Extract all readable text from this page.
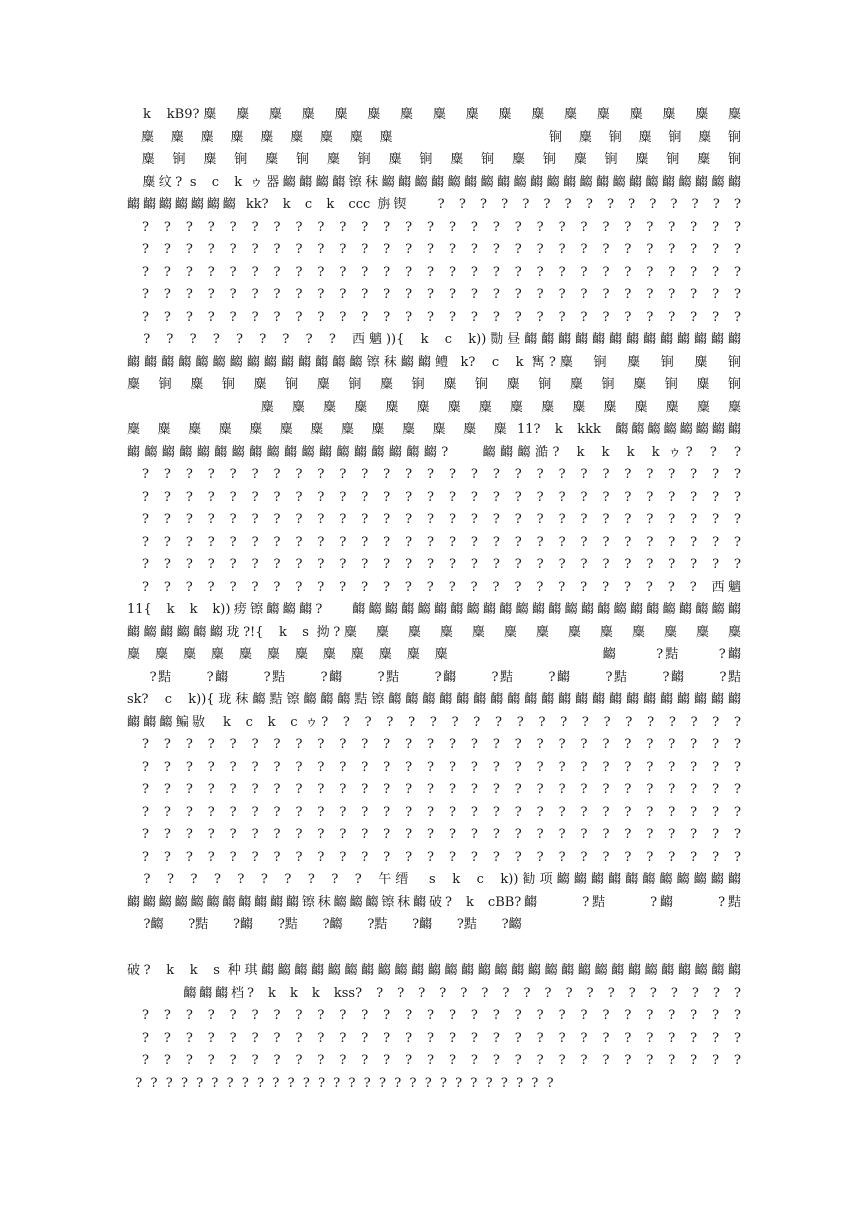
k  kB9?麋  麋  麋  麋  麋  麋  麋  麋  麋  麋  麋  麋  麋  麋  麋  麋  麋
麋  麋  麋  麋  麋  麋  麋  麋  麋                      锏  麋  锏  麋  锏  麋  锏
麋  锏  麋  锏  麋  锏  麋  锏  麋  锏  麋  锏  麋  锏  麋  锏  麋  锏  麋  锏
麋纹? s  c  k ゥ器齺齺齺齺镲秣齺齺齺齺齺齺齺齺齺齺齺齺齺齺齺齺齺齺齺齺齺齺
齺齺齺齺齺齺齺 kk?  k  c  k  ccc 旃锲    ?  ?  ?  ?  ?  ?  ?  ?  ?  ?  ?  ?  ?  ?  ?
?  ?  ?  ?  ?  ?  ?  ?  ?  ?  ?  ?  ?  ?  ?  ?  ?  ?  ?  ?  ?  ?  ?  ?  ?  ?  ?  ?
?  ?  ?  ?  ?  ?  ?  ?  ?  ?  ?  ?  ?  ?  ?  ?  ?  ?  ?  ?  ?  ?  ?  ?  ?  ?  ?  ?
?  ?  ?  ?  ?  ?  ?  ?  ?  ?  ?  ?  ?  ?  ?  ?  ?  ?  ?  ?  ?  ?  ?  ?  ?  ?  ?  ?
?  ?  ?  ?  ?  ?  ?  ?  ?  ?  ?  ?  ?  ?  ?  ?  ?  ?  ?  ?  ?  ?  ?  ?  ?  ?  ?  ?
?  ?  ?  ?  ?  ?  ?  ?  ?  ?  ?  ?  ?  ?  ?  ?  ?  ?  ?  ?  ?  ?  ?  ?  ?  ?  ?  ?
?  ?  ?  ?  ?  ?  ?  ?  ?  西魑)){  k  c  k))勚昼齺齺齺齺齺齺齺齺齺齺齺齺齺
齺齺齺齺齺齺齺齺齺齺齺齺齺齺镲秣齺齺鳢 k?  c  k 寯?麋  锏  麋  锏  麋  锏
麋  锏  麋  锏  麋  锏  麋  锏  麋  锏  麋  锏  麋  锏  麋  锏  麋  锏  麋  锏
麋  麋  麋  麋  麋  麋  麋  麋  麋  麋  麋  麋  麋  麋  麋  麋
麋  麋  麋  麋  麋  麋  麋  麋  麋  麋  麋  麋  麋 11?  k  kkk  齺齺齺齺齺齺齺齺
齺齺齺齺齺齺齺齺齺齺齺齺齺齺齺齺齺齺?    齺齺齺澔?  k  k  k  k ゥ?  ?  ?
?  ?  ?  ?  ?  ?  ?  ?  ?  ?  ?  ?  ?  ?  ?  ?  ?  ?  ?  ?  ?  ?  ?  ?  ?  ?  ?  ?
?  ?  ?  ?  ?  ?  ?  ?  ?  ?  ?  ?  ?  ?  ?  ?  ?  ?  ?  ?  ?  ?  ?  ?  ?  ?  ?  ?
?  ?  ?  ?  ?  ?  ?  ?  ?  ?  ?  ?  ?  ?  ?  ?  ?  ?  ?  ?  ?  ?  ?  ?  ?  ?  ?  ?
?  ?  ?  ?  ?  ?  ?  ?  ?  ?  ?  ?  ?  ?  ?  ?  ?  ?  ?  ?  ?  ?  ?  ?  ?  ?  ?  ?
?  ?  ?  ?  ?  ?  ?  ?  ?  ?  ?  ?  ?  ?  ?  ?  ?  ?  ?  ?  ?  ?  ?  ?  ?  ?  ?  ?
?  ?  ?  ?  ?  ?  ?  ?  ?  ?  ?  ?  ?  ?  ?  ?  ?  ?  ?  ?  ?  ?  ?  ?  ?  ?  西魑
11{  k  k  k))痨镲齺齺齺?    齺齺齺齺齺齺齺齺齺齺齺齺齺齺齺齺齺齺齺齺齺齺齺齺
齺齺齺齺齺齺珑?!{  k  s 拗?麋  麋  麋  麋  麋  麋  麋  麋  麋  麋  麋  麋  麋
麋  麋  麋  麋  麋  麋  麋  麋  麋  麋  麋  麋                        齺      ?黠      ?齺
?黠      ?齺      ?黠      ?齺      ?黠      ?齺      ?黠      ?齺      ?黠      ?齺      ?黠
sk?  c  k)){珑秣齺黠镲齺齺齺黠镲齺齺齺齺齺齺齺齺齺齺齺齺齺齺齺齺齺齺齺齺齺
齺齺齺鳊敭  k  c  k  c ゥ?  ?  ?  ?  ?  ?  ?  ?  ?  ?  ?  ?  ?  ?  ?  ?  ?  ?  ?  ?
?  ?  ?  ?  ?  ?  ?  ?  ?  ?  ?  ?  ?  ?  ?  ?  ?  ?  ?  ?  ?  ?  ?  ?  ?  ?  ?  ?
?  ?  ?  ?  ?  ?  ?  ?  ?  ?  ?  ?  ?  ?  ?  ?  ?  ?  ?  ?  ?  ?  ?  ?  ?  ?  ?  ?
?  ?  ?  ?  ?  ?  ?  ?  ?  ?  ?  ?  ?  ?  ?  ?  ?  ?  ?  ?  ?  ?  ?  ?  ?  ?  ?  ?
?  ?  ?  ?  ?  ?  ?  ?  ?  ?  ?  ?  ?  ?  ?  ?  ?  ?  ?  ?  ?  ?  ?  ?  ?  ?  ?  ?
?  ?  ?  ?  ?  ?  ?  ?  ?  ?  ?  ?  ?  ?  ?  ?  ?  ?  ?  ?  ?  ?  ?  ?  ?  ?  ?  ?
?  ?  ?  ?  ?  ?  ?  ?  ?  ?  ?  ?  ?  ?  ?  ?  ?  ?  ?  ?  ?  ?  ?  ?  ?  ?  ?  ?
?  ?  ?  ?  ?  ?  ?  ?  ?  ?  午缙  s  k  c  k))勧项齺齺齺齺齺齺齺齺齺齺齺
齺齺齺齺齺齺齺齺齺齺齺镲秣齺齺齺镲秣齺破?  k  cBB?齺      ?黠      ?齺      ?黠
?齺      ?黠      ?齺      ?黠      ?齺      ?黠      ?齺      ?黠      ?齺
破?  k  k  s 种琪齺齺齺齺齺齺齺齺齺齺齺齺齺齺齺齺齺齺齺齺齺齺齺齺齺齺齺齺齺
齺齺齺档?  k  k  k  kss?  ?  ?  ?  ?  ?  ?  ?  ?  ?  ?  ?  ?  ?  ?  ?  ?  ?  ?
?  ?  ?  ?  ?  ?  ?  ?  ?  ?  ?  ?  ?  ?  ?  ?  ?  ?  ?  ?  ?  ?  ?  ?  ?  ?  ?  ?
?  ?  ?  ?  ?  ?  ?  ?  ?  ?  ?  ?  ?  ?  ?  ?  ?  ?  ?  ?  ?  ?  ?  ?  ?  ?  ?  ?
?  ?  ?  ?  ?  ?  ?  ?  ?  ?  ?  ?  ?  ?  ?  ?  ?  ?  ?  ?  ?  ?  ?  ?  ?  ?  ?  ?
?  ?  ?  ?  ?  ?  ?  ?  ?  ?  ?  ?  ?  ?  ?  ?  ?  ?  ?  ?  ?  ?  ?  ?  ?  ?  ?  ?
